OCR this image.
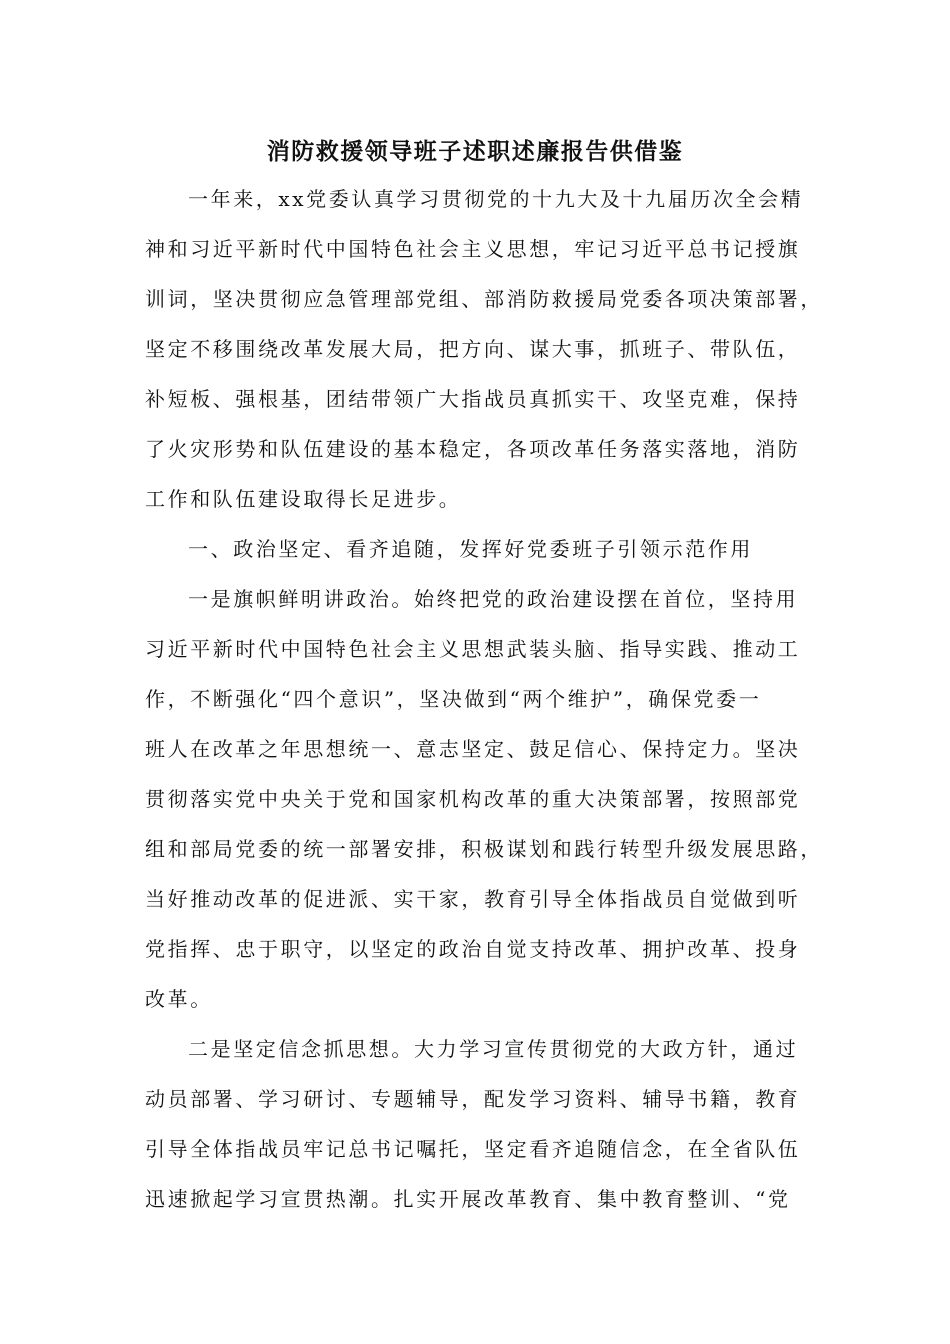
消防救援领导班子述职述廉报告供借鉴
一年来，xx党委认真学习贯彻党的十九大及十九届历次全会精
神和习近平新时代中国特色社会主义思想，牢记习近平总书记授旗
训词，坚决贯彻应急管理部党组、部消防救援局党委各项决策部署，
坚定不移围绕改革发展大局，把方向、谋大事，抓班子、带队伍，
补短板、强根基，团结带领广大指战员真抓实干、攻坚克难，保持
了火灾形势和队伍建设的基本稳定，各项改革任务落实落地，消防
工作和队伍建设取得长足进步。
一、政治坚定、看齐追随，发挥好党委班子引领示范作用
一是旗帜鲜明讲政治。始终把党的政治建设摆在首位，坚持用
习近平新时代中国特色社会主义思想武装头脑、指导实践、推动工
作，不断强化“四个意识”，坚决做到“两个维护”，确保党委一
班人在改革之年思想统一、意志坚定、鼓足信心、保持定力。坚决
贯彻落实党中央关于党和国家机构改革的重大决策部署，按照部党
组和部局党委的统一部署安排，积极谋划和践行转型升级发展思路，
当好推动改革的促进派、实干家，教育引导全体指战员自觉做到听
党指挥、忠于职守，以坚定的政治自觉支持改革、拥护改革、投身
改革。
二是坚定信念抓思想。大力学习宣传贯彻党的大政方针，通过
动员部署、学习研讨、专题辅导，配发学习资料、辅导书籍，教育
引导全体指战员牢记总书记嘱托，坚定看齐追随信念，在全省队伍
迅速掀起学习宣贯热潮。扎实开展改革教育、集中教育整训、“党
